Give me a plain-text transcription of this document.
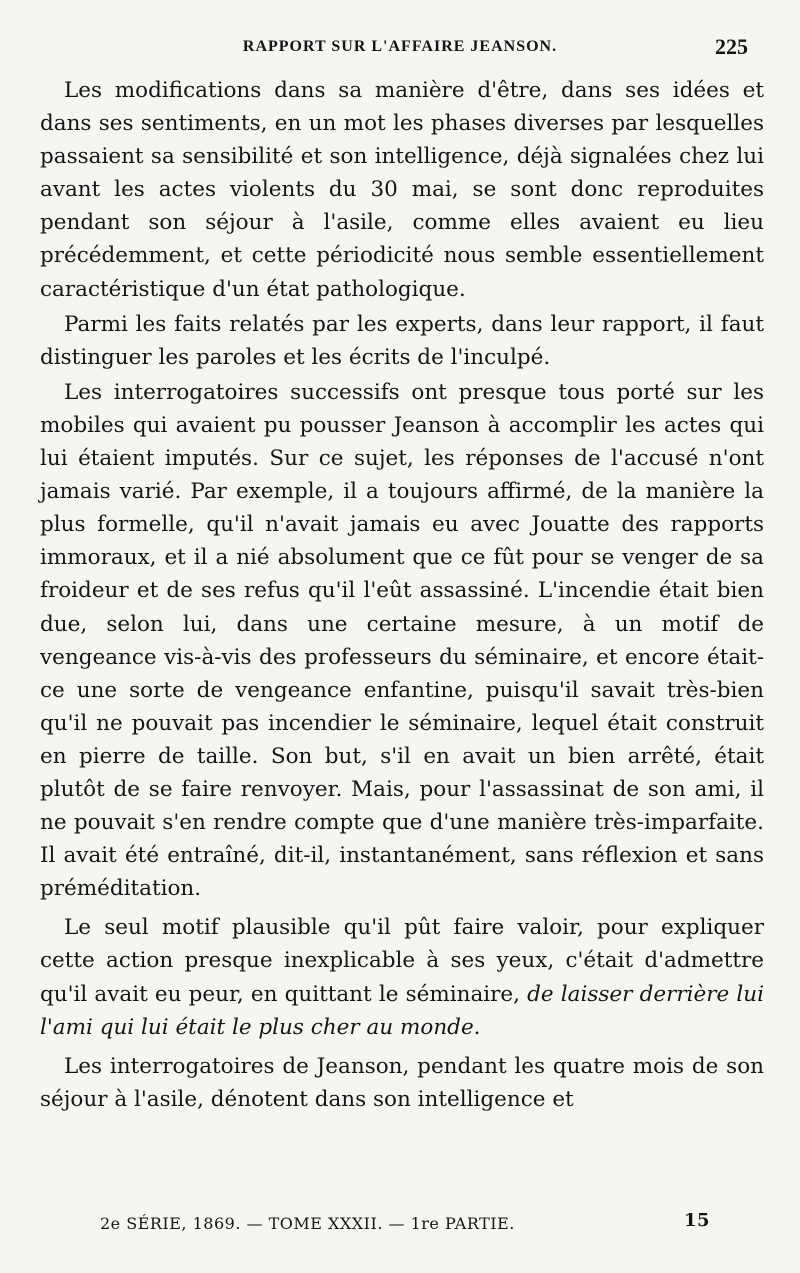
RAPPORT SUR L'AFFAIRE JEANSON.	225

Les modifications dans sa manière d'être, dans ses idées et dans ses sentiments, en un mot les phases diverses par lesquelles passaient sa sensibilité et son intelligence, déjà signalées chez lui avant les actes violents du 30 mai, se sont donc reproduites pendant son séjour à l'asile, comme elles avaient eu lieu précédemment, et cette périodicité nous semble essentiellement caractéristique d'un état pathologique.

Parmi les faits relatés par les experts, dans leur rapport, il faut distinguer les paroles et les écrits de l'inculpé.

Les interrogatoires successifs ont presque tous porté sur les mobiles qui avaient pu pousser Jeanson à accomplir les actes qui lui étaient imputés. Sur ce sujet, les réponses de l'accusé n'ont jamais varié. Par exemple, il a toujours affirmé, de la manière la plus formelle, qu'il n'avait jamais eu avec Jouatte des rapports immoraux, et il a nié absolument que ce fût pour se venger de sa froideur et de ses refus qu'il l'eût assassiné. L'incendie était bien due, selon lui, dans une certaine mesure, à un motif de vengeance vis-à-vis des professeurs du séminaire, et encore était-ce une sorte de vengeance enfantine, puisqu'il savait très-bien qu'il ne pouvait pas incendier le séminaire, lequel était construit en pierre de taille. Son but, s'il en avait un bien arrêté, était plutôt de se faire renvoyer. Mais, pour l'assassinat de son ami, il ne pouvait s'en rendre compte que d'une manière très-imparfaite. Il avait été entraîné, dit-il, instantanément, sans réflexion et sans préméditation.

Le seul motif plausible qu'il pût faire valoir, pour expliquer cette action presque inexplicable à ses yeux, c'était d'admettre qu'il avait eu peur, en quittant le séminaire, de laisser derrière lui l'ami qui lui était le plus cher au monde.

Les interrogatoires de Jeanson, pendant les quatre mois de son séjour à l'asile, dénotent dans son intelligence et

2e SÉRIE, 1869. — TOME XXXII. — 1re PARTIE.	15
